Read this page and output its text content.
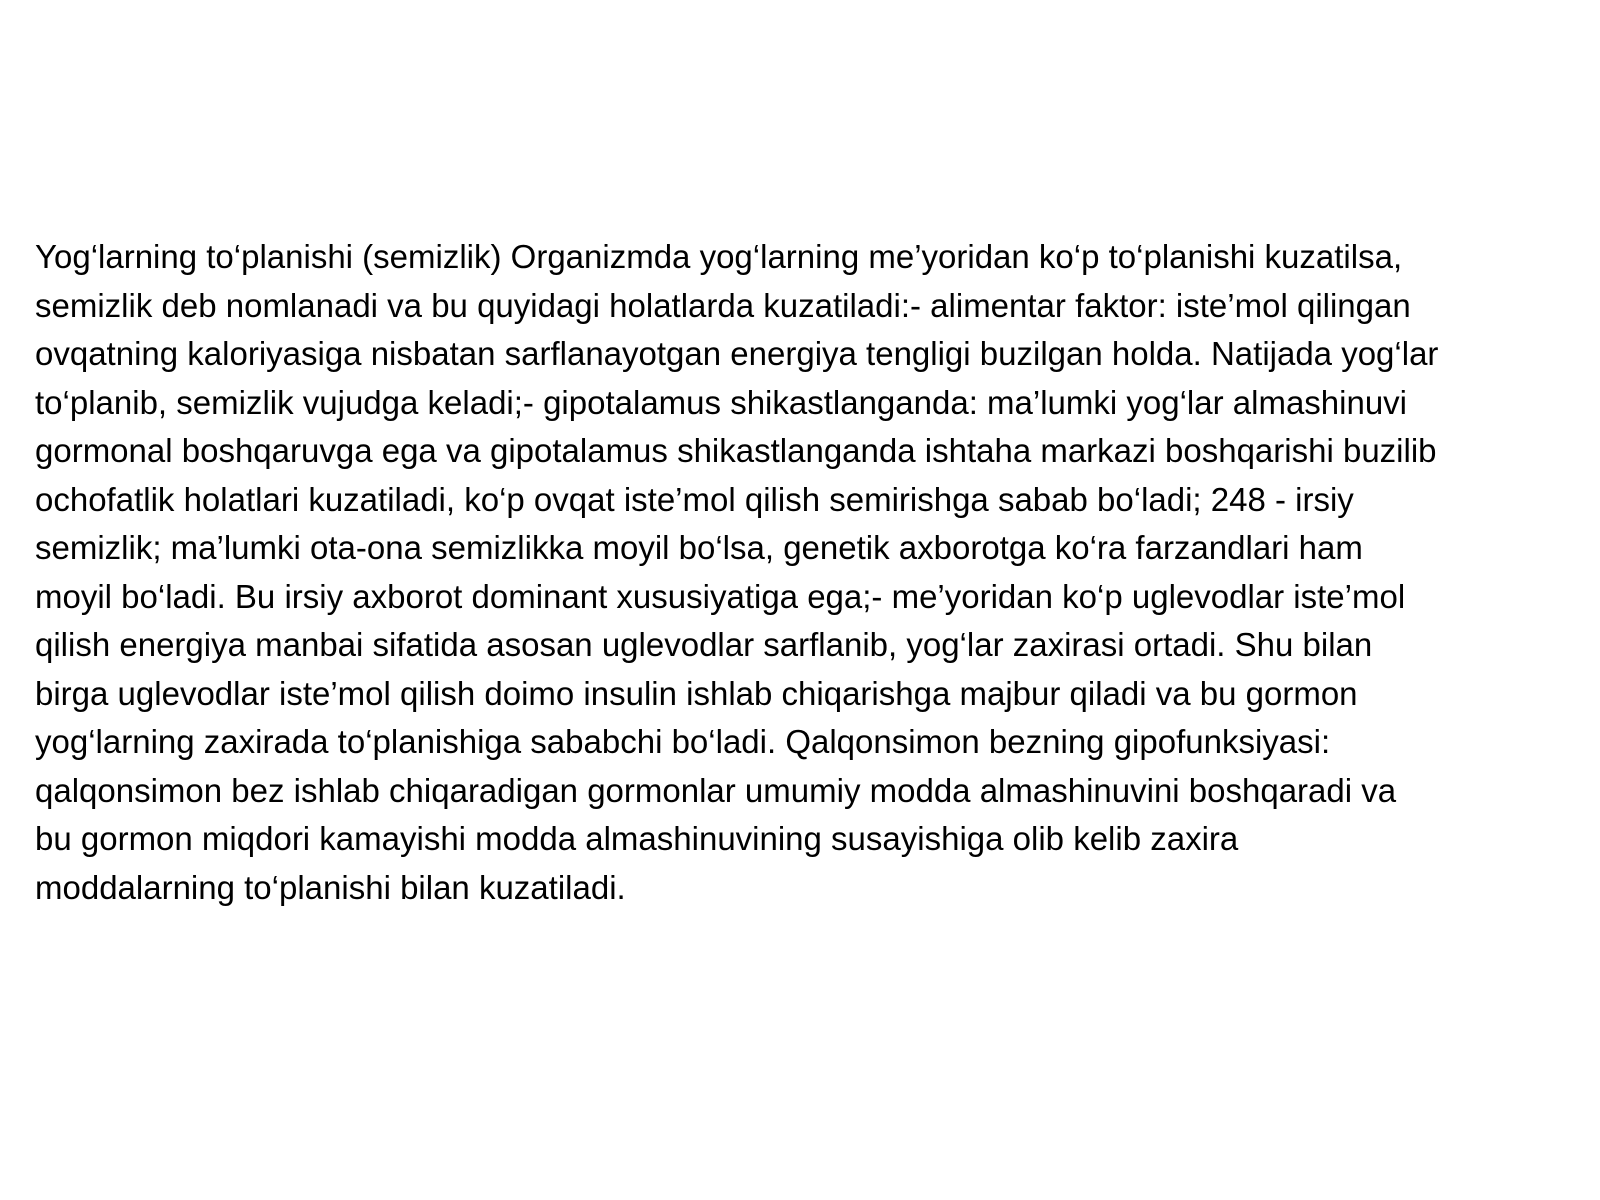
Yog‘larning to‘planishi (semizlik) Organizmda yog‘larning me’yoridan ko‘p to‘planishi kuzatilsa,
semizlik deb nomlanadi va bu quyidagi holatlarda kuzatiladi:- alimentar faktor: iste’mol qilingan
ovqatning kaloriyasiga nisbatan sarflanayotgan energiya tengligi buzilgan holda. Natijada yog‘lar
to‘planib, semizlik vujudga keladi;- gipotalamus shikastlanganda: ma’lumki yog‘lar almashinuvi
gormonal boshqaruvga ega va gipotalamus shikastlanganda ishtaha markazi boshqarishi buzilib
ochofatlik holatlari kuzatiladi, ko‘p ovqat iste’mol qilish semirishga sabab bo‘ladi; 248 - irsiy
semizlik; ma’lumki ota-ona semizlikka moyil bo‘lsa, genetik axborotga ko‘ra farzandlari ham
moyil bo‘ladi. Bu irsiy axborot dominant xususiyatiga ega;- me’yoridan ko‘p uglevodlar iste’mol
qilish energiya manbai sifatida asosan uglevodlar sarflanib, yog‘lar zaxirasi ortadi. Shu bilan
birga uglevodlar iste’mol qilish doimo insulin ishlab chiqarishga majbur qiladi va bu gormon
yog‘larning zaxirada to‘planishiga sababchi bo‘ladi. Qalqonsimon bezning gipofunksiyasi:
qalqonsimon bez ishlab chiqaradigan gormonlar umumiy modda almashinuvini boshqaradi va
bu gormon miqdori kamayishi modda almashinuvining susayishiga olib kelib zaxira
moddalarning to‘planishi bilan kuzatiladi.
